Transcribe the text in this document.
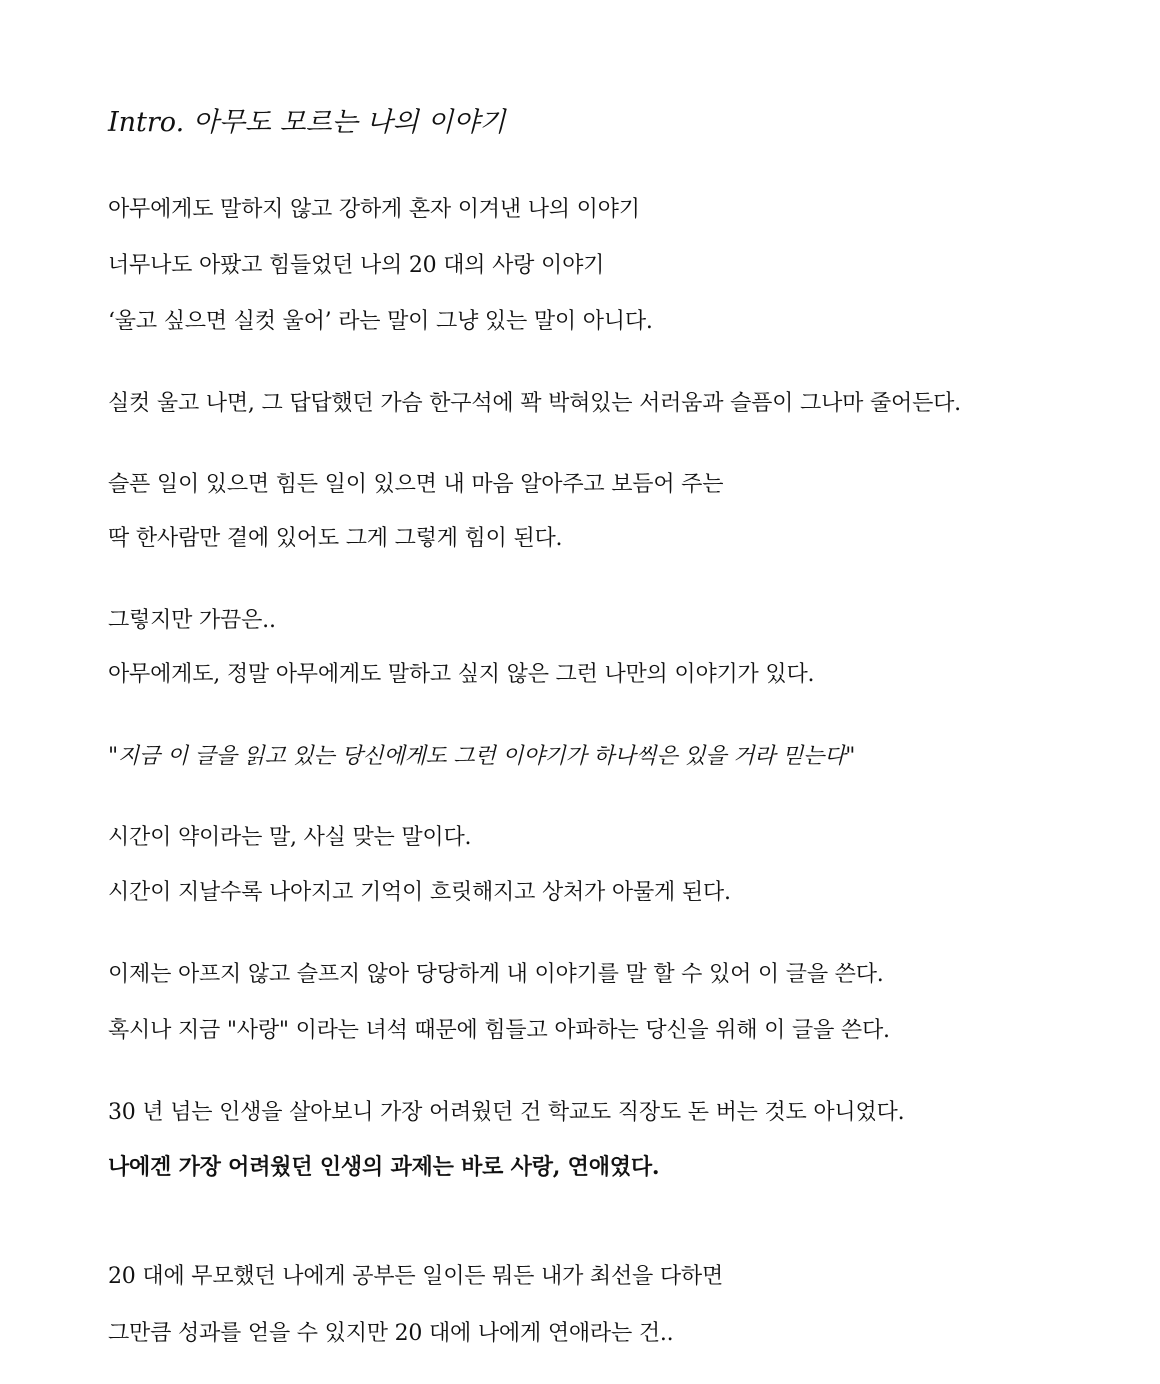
Intro. 아무도 모르는 나의 이야기
아무에게도 말하지 않고 강하게 혼자 이겨낸 나의 이야기
너무나도 아팠고 힘들었던 나의 20 대의 사랑 이야기
‘울고 싶으면 실컷 울어’ 라는 말이 그냥 있는 말이 아니다.
실컷 울고 나면, 그 답답했던 가슴 한구석에 꽉 박혀있는 서러움과 슬픔이 그나마 줄어든다.
슬픈 일이 있으면 힘든 일이 있으면 내 마음 알아주고 보듬어 주는
딱 한사람만 곁에 있어도 그게 그렇게 힘이 된다.
그렇지만 가끔은..
아무에게도, 정말 아무에게도 말하고 싶지 않은 그런 나만의 이야기가 있다.
"지금 이 글을 읽고 있는 당신에게도 그런 이야기가 하나씩은 있을 거라 믿는다"
시간이 약이라는 말, 사실 맞는 말이다.
시간이 지날수록 나아지고 기억이 흐릿해지고 상처가 아물게 된다.
이제는 아프지 않고 슬프지 않아 당당하게 내 이야기를 말 할 수 있어 이 글을 쓴다.
혹시나 지금 "사랑" 이라는 녀석 때문에 힘들고 아파하는 당신을 위해 이 글을 쓴다.
30 년 넘는 인생을 살아보니 가장 어려웠던 건 학교도 직장도 돈 버는 것도 아니었다.
나에겐 가장 어려웠던 인생의 과제는 바로 사랑, 연애였다.
20 대에 무모했던 나에게 공부든 일이든 뭐든 내가 최선을 다하면
그만큼 성과를 얻을 수 있지만 20 대에 나에게 연애라는 건..
